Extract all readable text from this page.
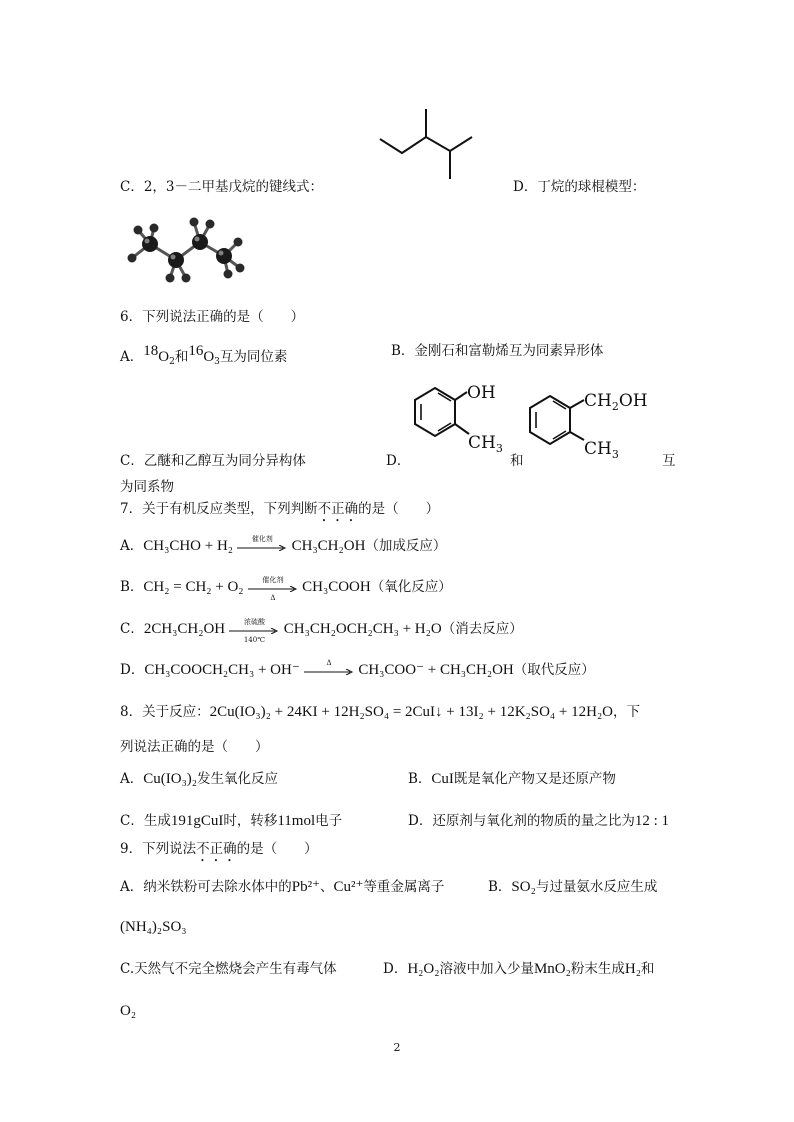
C．2，3－二甲基戊烷的键线式：	D．丁烷的球棍模型：
6．下列说法正确的是（　　）
A．$^{18}O_2$和$^{16}O_3$互为同位素	B．金刚石和富勒烯互为同素异形体
OH
$CH_3$
$CH_2OH$
$CH_3$
C．乙醚和乙醇互为同分异构体	D．	和	互
为同系物
7．关于有机反应类型，下列判断不正确的是（　　）
A．CH₃CHO + H₂	催化剂	CH₃CH₂OH（加成反应）
B．CH₂ = CH₂ + O₂	催化剂
Δ
CH₃COOH（氧化反应）
C．2CH₃CH₂OH	浓硫酸
140℃
CH₃CH₂OCH₂CH₃ + H₂O（消去反应）
D．CH₃COOCH₂CH₃ + OH⁻	Δ	CH₃COO⁻ + CH₃CH₂OH（取代反应）
8．关于反应：2Cu(IO₃)₂ + 24KI + 12H₂SO₄ = 2CuI↓ + 13I₂ + 12K₂SO₄ + 12H₂O，下
列说法正确的是（　　）
A．Cu(IO₃)₂发生氧化反应	B．CuI既是氧化产物又是还原产物
C．生成191gCuI时，转移11mol电子	D．还原剂与氧化剂的物质的量之比为12 : 1
9．下列说法不正确的是（　　）
A．纳米铁粉可去除水体中的Pb²⁺、Cu²⁺等重金属离子	B．SO₂与过量氨水反应生成
(NH₄)₂SO₃
C.天然气不完全燃烧会产生有毒气体	D．H₂O₂溶液中加入少量MnO₂粉末生成H₂和
O₂
2
